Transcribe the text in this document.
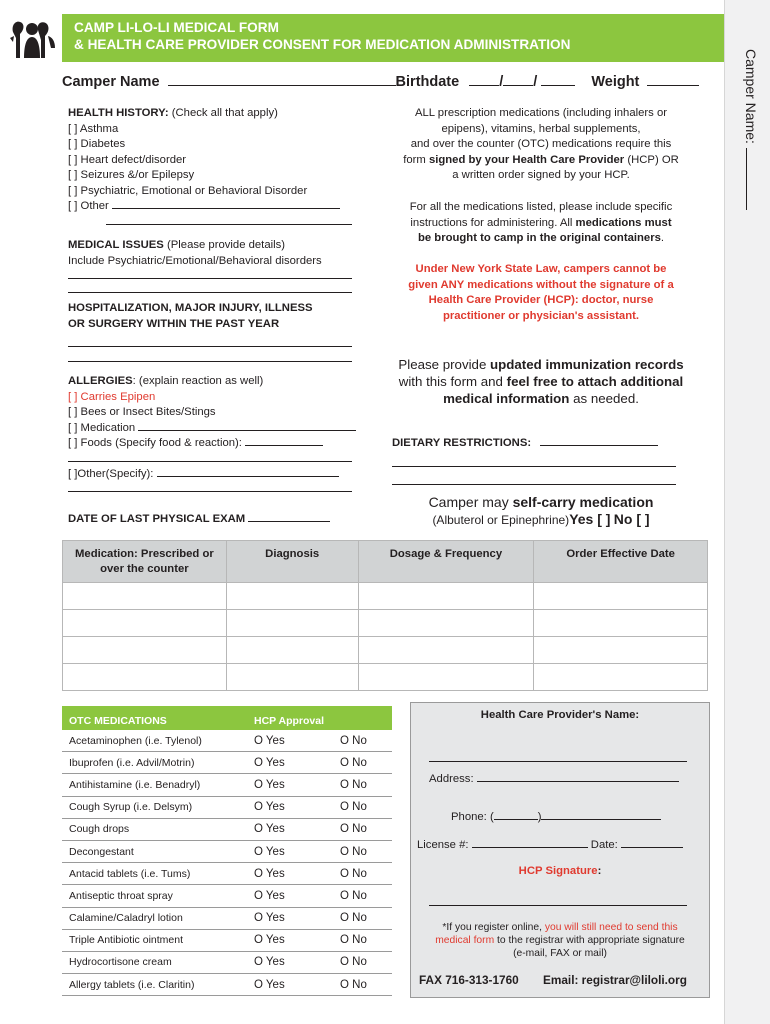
CAMP LI-LO-LI MEDICAL FORM
& HEALTH CARE PROVIDER CONSENT FOR MEDICATION ADMINISTRATION
Camper Name:
Camper Name	Birthdate	/ /	Weight
HEALTH HISTORY: (Check all that apply)
[ ] Asthma
[ ] Diabetes
[ ] Heart defect/disorder
[ ] Seizures &/or Epilepsy
[ ] Psychiatric, Emotional or Behavioral Disorder
[ ] Other
MEDICAL ISSUES (Please provide details)
Include Psychiatric/Emotional/Behavioral disorders
HOSPITALIZATION, MAJOR INJURY, ILLNESS
OR SURGERY WITHIN THE PAST YEAR
ALLERGIES: (explain reaction as well)
[ ] Carries Epipen
[ ] Bees or Insect Bites/Stings
[ ] Medication
[ ] Foods (Specify food & reaction):
[ ]Other(Specify):
DATE OF LAST PHYSICAL EXAM
ALL prescription medications (including inhalers or
epipens), vitamins, herbal supplements,
and over the counter (OTC) medications require this
form signed by your Health Care Provider (HCP) OR
a written order signed by your HCP.
For all the medications listed, please include specific
instructions for administering. All medications must
be brought to camp in the original containers.
Under New York State Law, campers cannot be
given ANY medications without the signature of a
Health Care Provider (HCP): doctor, nurse
practitioner or physician's assistant.
Please provide updated immunization records
with this form and feel free to attach additional
medical information as needed.
DIETARY RESTRICTIONS:
Camper may self-carry medication
(Albuterol or Epinephrine)Yes [ ] No [ ]
Medication: Prescribed or over the counter	Diagnosis	Dosage & Frequency	Order Effective Date

OTC MEDICATIONS	HCP Approval
Acetaminophen (i.e. Tylenol)	O Yes	O No
Ibuprofen (i.e. Advil/Motrin)	O Yes	O No
Antihistamine (i.e. Benadryl)	O Yes	O No
Cough Syrup (i.e. Delsym)	O Yes	O No
Cough drops	O Yes	O No
Decongestant	O Yes	O No
Antacid tablets (i.e. Tums)	O Yes	O No
Antiseptic throat spray	O Yes	O No
Calamine/Caladryl lotion	O Yes	O No
Triple Antibiotic ointment	O Yes	O No
Hydrocortisone cream	O Yes	O No
Allergy tablets (i.e. Claritin)	O Yes	O No
Health Care Provider's Name:
Address:
Phone: (	)
License #:	Date:
HCP Signature:
*If you register online, you will still need to send this
medical form to the registrar with appropriate signature
(e-mail, FAX or mail)
FAX 716-313-1760 Email: registrar@liloli.org
